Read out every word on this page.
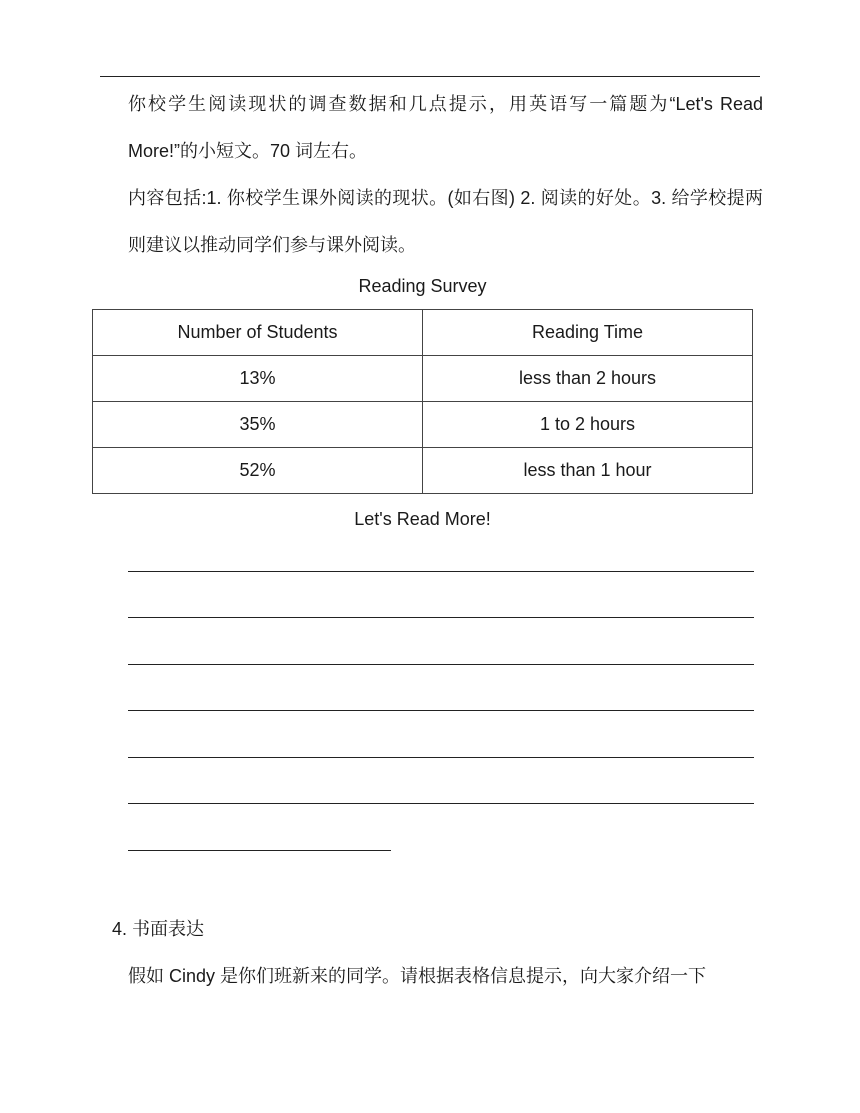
你校学生阅读现状的调查数据和几点提示，用英语写一篇题为“Let's Read More!”的小短文。70 词左右。

内容包括:1. 你校学生课外阅读的现状。(如右图) 2. 阅读的好处。3. 给学校提两则建议以推动同学们参与课外阅读。

Reading Survey

Number of Students	Reading Time
13%	less than 2 hours
35%	1 to 2 hours
52%	less than 1 hour

Let's Read More!

4. 书面表达

假如 Cindy 是你们班新来的同学。请根据表格信息提示，向大家介绍一下
